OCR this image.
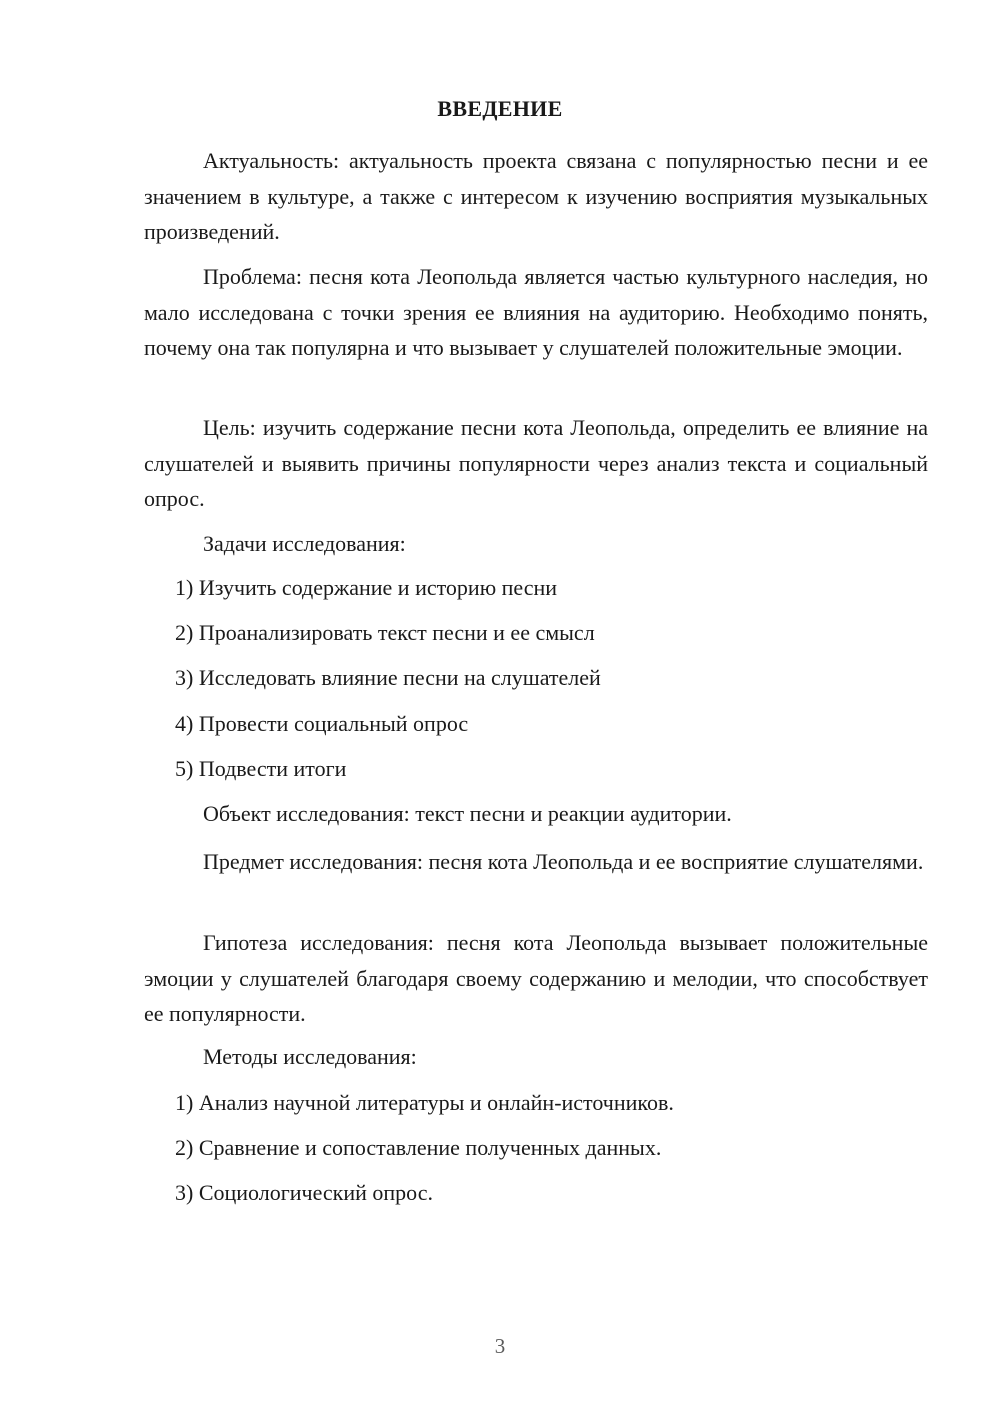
ВВЕДЕНИЕ

Актуальность: актуальность проекта связана с популярностью песни и ее значением в культуре, а также с интересом к изучению восприятия музыкальных произведений.

Проблема: песня кота Леопольда является частью культурного наследия, но мало исследована с точки зрения ее влияния на аудиторию. Необходимо понять, почему она так популярна и что вызывает у слушателей положительные эмоции.

Цель: изучить содержание песни кота Леопольда, определить ее влияние на слушателей и выявить причины популярности через анализ текста и социальный опрос.

Задачи исследования:

1) Изучить содержание и историю песни

2) Проанализировать текст песни и ее смысл

3) Исследовать влияние песни на слушателей

4) Провести социальный опрос

5) Подвести итоги

Объект исследования: текст песни и реакции аудитории.

Предмет исследования: песня кота Леопольда и ее восприятие слушателями.

Гипотеза исследования: песня кота Леопольда вызывает положительные эмоции у слушателей благодаря своему содержанию и мелодии, что способствует ее популярности.

Методы исследования:

1) Анализ научной литературы и онлайн-источников.

2) Сравнение и сопоставление полученных данных.

3) Социологический опрос.

3
